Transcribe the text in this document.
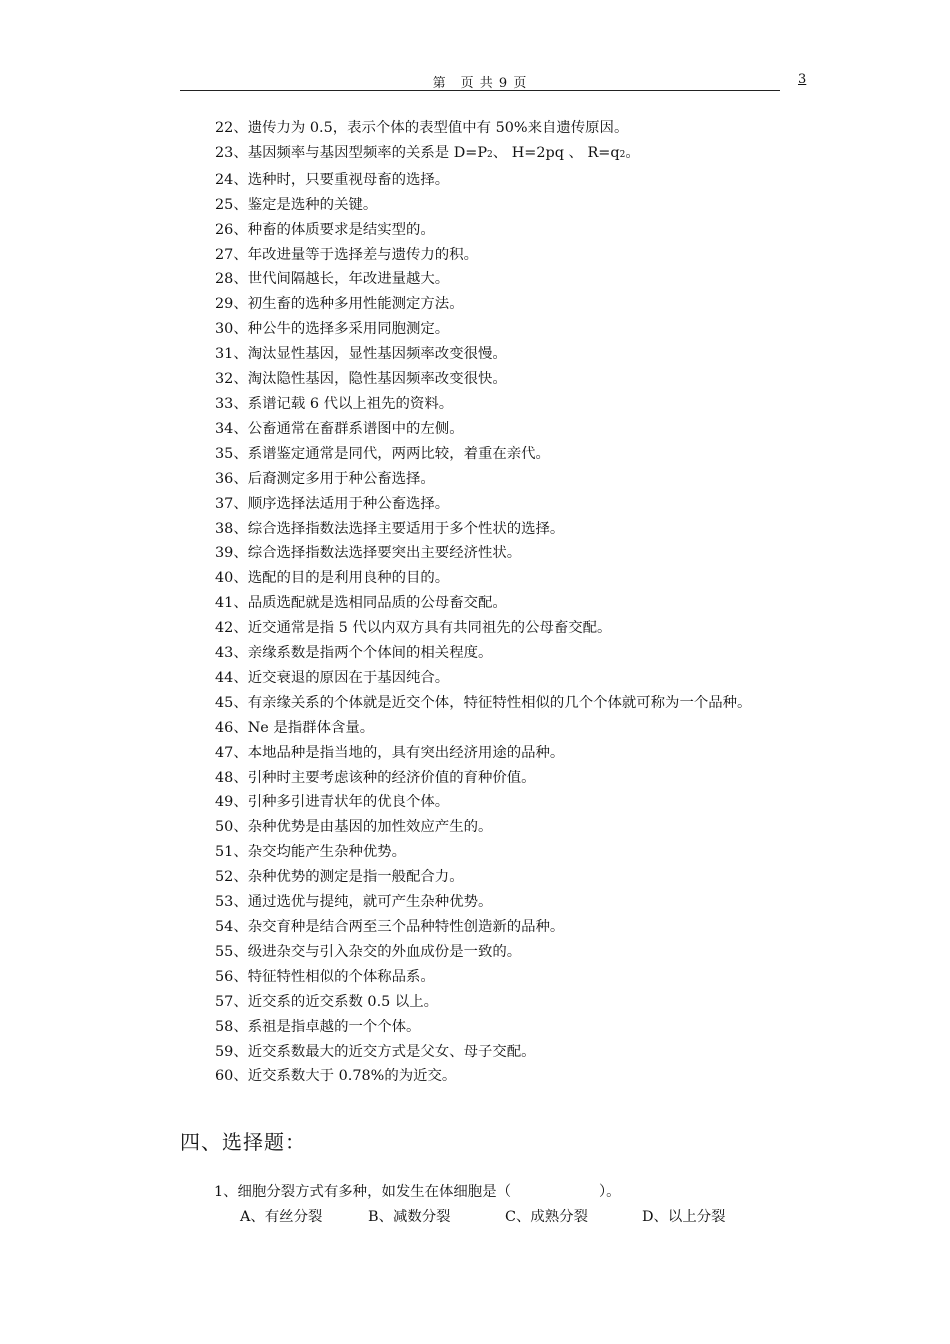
第　页 共 9 页	3
22、遗传力为 0.5，表示个体的表型值中有 50%来自遗传原因。
23、基因频率与基因型频率的关系是 D=P2、 H=2pq 、 R=q2。
24、选种时，只要重视母畜的选择。
25、鉴定是选种的关键。
26、种畜的体质要求是结实型的。
27、年改进量等于选择差与遗传力的积。
28、世代间隔越长，年改进量越大。
29、初生畜的选种多用性能测定方法。
30、种公牛的选择多采用同胞测定。
31、淘汰显性基因，显性基因频率改变很慢。
32、淘汰隐性基因，隐性基因频率改变很快。
33、系谱记载 6 代以上祖先的资料。
34、公畜通常在畜群系谱图中的左侧。
35、系谱鉴定通常是同代，两两比较，着重在亲代。
36、后裔测定多用于种公畜选择。
37、顺序选择法适用于种公畜选择。
38、综合选择指数法选择主要适用于多个性状的选择。
39、综合选择指数法选择要突出主要经济性状。
40、选配的目的是利用良种的目的。
41、品质选配就是选相同品质的公母畜交配。
42、近交通常是指 5 代以内双方具有共同祖先的公母畜交配。
43、亲缘系数是指两个个体间的相关程度。
44、近交衰退的原因在于基因纯合。
45、有亲缘关系的个体就是近交个体，特征特性相似的几个个体就可称为一个品种。
46、Ne 是指群体含量。
47、本地品种是指当地的，具有突出经济用途的品种。
48、引种时主要考虑该种的经济价值的育种价值。
49、引种多引进青状年的优良个体。
50、杂种优势是由基因的加性效应产生的。
51、杂交均能产生杂种优势。
52、杂种优势的测定是指一般配合力。
53、通过选优与提纯，就可产生杂种优势。
54、杂交育种是结合两至三个品种特性创造新的品种。
55、级进杂交与引入杂交的外血成份是一致的。
56、特征特性相似的个体称品系。
57、近交系的近交系数 0.5 以上。
58、系祖是指卓越的一个个体。
59、近交系数最大的近交方式是父女、母子交配。
60、近交系数大于 0.78%的为近交。
四、选择题：
1、细胞分裂方式有多种，如发生在体细胞是（	）。
A、有丝分裂	B、减数分裂	C、成熟分裂	D、以上分裂
